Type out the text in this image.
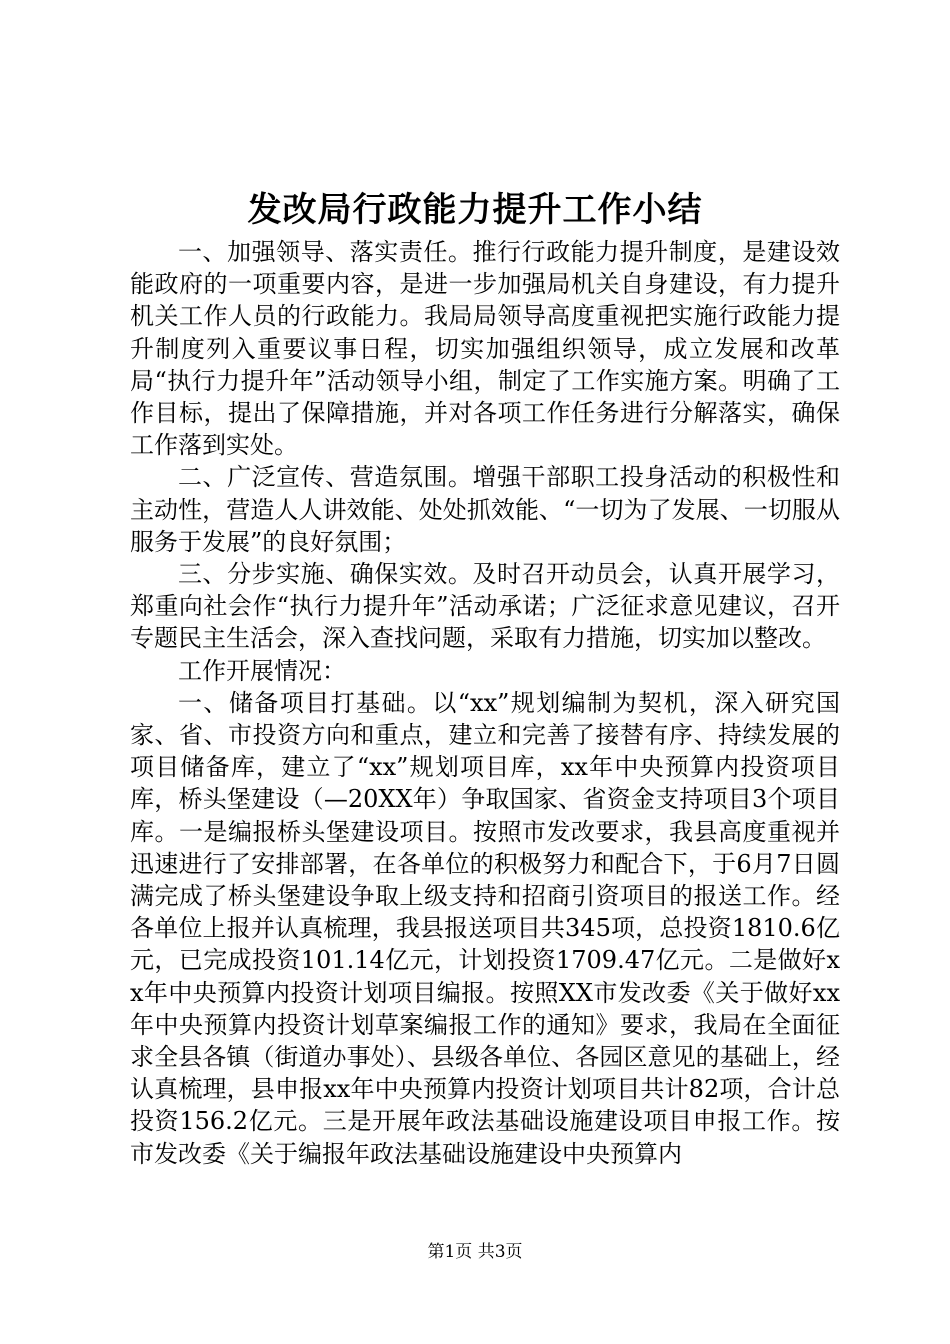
发改局行政能力提升工作小结

一、加强领导、落实责任。推行行政能力提升制度，是建设效能政府的一项重要内容，是进一步加强局机关自身建设，有力提升机关工作人员的行政能力。我局局领导高度重视把实施行政能力提升制度列入重要议事日程，切实加强组织领导，成立发展和改革局“执行力提升年”活动领导小组，制定了工作实施方案。明确了工作目标，提出了保障措施，并对各项工作任务进行分解落实，确保工作落到实处。

二、广泛宣传、营造氛围。增强干部职工投身活动的积极性和主动性，营造人人讲效能、处处抓效能、“一切为了发展、一切服从服务于发展”的良好氛围；

三、分步实施、确保实效。及时召开动员会，认真开展学习，郑重向社会作“执行力提升年”活动承诺；广泛征求意见建议，召开专题民主生活会，深入查找问题，采取有力措施，切实加以整改。

工作开展情况：

一、储备项目打基础。以“xx”规划编制为契机，深入研究国家、省、市投资方向和重点，建立和完善了接替有序、持续发展的项目储备库，建立了“xx”规划项目库，xx年中央预算内投资项目库，桥头堡建设（—20XX年）争取国家、省资金支持项目3个项目库。一是编报桥头堡建设项目。按照市发改要求，我县高度重视并迅速进行了安排部署，在各单位的积极努力和配合下，于6月7日圆满完成了桥头堡建设争取上级支持和招商引资项目的报送工作。经各单位上报并认真梳理，我县报送项目共345项，总投资1810.6亿元，已完成投资101.14亿元，计划投资1709.47亿元。二是做好xx年中央预算内投资计划项目编报。按照XX市发改委《关于做好xx年中央预算内投资计划草案编报工作的通知》要求，我局在全面征求全县各镇（街道办事处）、县级各单位、各园区意见的基础上，经认真梳理，县申报xx年中央预算内投资计划项目共计82项，合计总投资156.2亿元。三是开展年政法基础设施建设项目申报工作。按市发改委《关于编报年政法基础设施建设中央预算内

第1页 共3页
